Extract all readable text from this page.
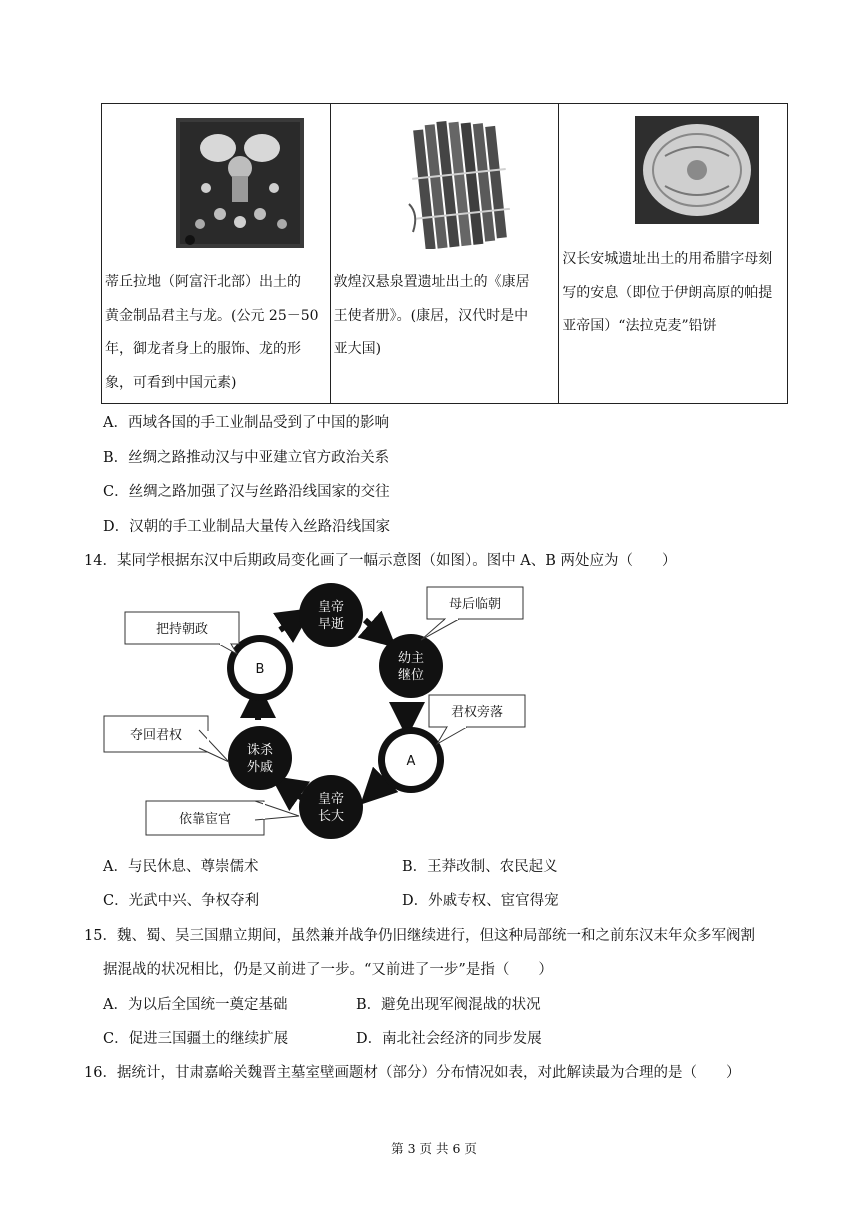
蒂丘拉地（阿富汗北部）出土的
黄金制品君主与龙。(公元 25－50
年，御龙者身上的服饰、龙的形
象，可看到中国元素)

敦煌汉悬泉置遗址出土的《康居
王使者册》。(康居，汉代时是中
亚大国)

汉长安城遗址出土的用希腊字母刻
写的安息（即位于伊朗高原的帕提
亚帝国）“法拉克麦”铅饼
A．西域各国的手工业制品受到了中国的影响
B．丝绸之路推动汉与中亚建立官方政治关系
C．丝绸之路加强了汉与丝路沿线国家的交往
D．汉朝的手工业制品大量传入丝路沿线国家
14．某同学根据东汉中后期政局变化画了一幅示意图（如图）。图中 A、B 两处应为（　　）
皇帝
早逝
幼主
继位
A
皇帝
长大
诛杀
外戚
B
母后临朝
君权旁落
依靠宦官
夺回君权
把持朝政
A．与民休息、尊崇儒术	B．王莽改制、农民起义
C．光武中兴、争权夺利	D．外戚专权、宦官得宠
15．魏、蜀、吴三国鼎立期间，虽然兼并战争仍旧继续进行，但这种局部统一和之前东汉末年众多军阀割
据混战的状况相比，仍是又前进了一步。“又前进了一步”是指（　　）
A．为以后全国统一奠定基础	B．避免出现军阀混战的状况
C．促进三国疆土的继续扩展	D．南北社会经济的同步发展
16．据统计，甘肃嘉峪关魏晋主墓室壁画题材（部分）分布情况如表，对此解读最为合理的是（　　）
第 3 页 共 6 页
